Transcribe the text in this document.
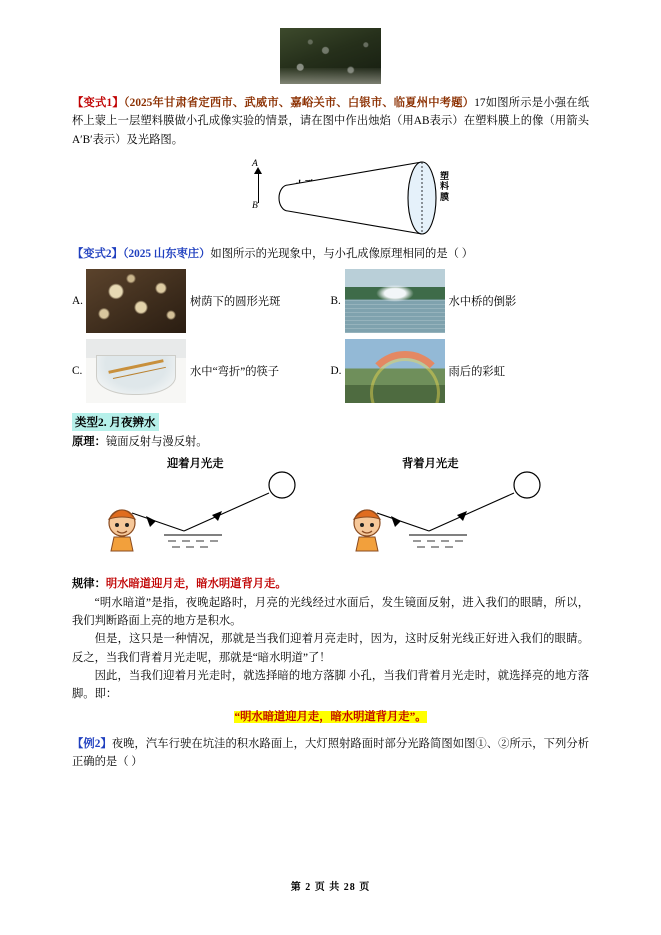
【变式1】（2025年甘肃省定西市、武威市、嘉峪关市、白银市、临夏州中考题）17如图所示是小强在纸杯上蒙上一层塑料膜做小孔成像实验的情景，请在图中作出烛焰（用AB表示）在塑料膜上的像（用箭头A′B′表示）及光路图。

A
B
塑料膜

【变式2】（2025 山东枣庄）如图所示的光现象中，与小孔成像原理相同的是（ ）

A.	树荫下的圆形光斑	B.	水中桥的倒影
C.	水中“弯折”的筷子	D.	雨后的彩虹
类型2. 月夜辨水

原理：镜面反射与漫反射。

迎着月光走	背着月光走

规律：明水暗道迎月走，暗水明道背月走。

“明水暗道”是指，夜晚起路时，月亮的光线经过水面后，发生镜面反射，进入我们的眼睛，所以，我们判断路面上亮的地方是积水。

但是，这只是一种情况，那就是当我们迎着月亮走时，因为，这时反射光线正好进入我们的眼睛。反之，当我们背着月光走呢，那就是“暗水明道”了！

因此，当我们迎着月光走时，就选择暗的地方落脚 小孔，当我们背着月光走时，就选择亮的地方落脚。即：

“明水暗道迎月走，暗水明道背月走”。

【例2】夜晚，汽车行驶在坑洼的积水路面上，大灯照射路面时部分光路简图如图①、②所示，下列分析正确的是（ ）

第 2 页 共 28 页
